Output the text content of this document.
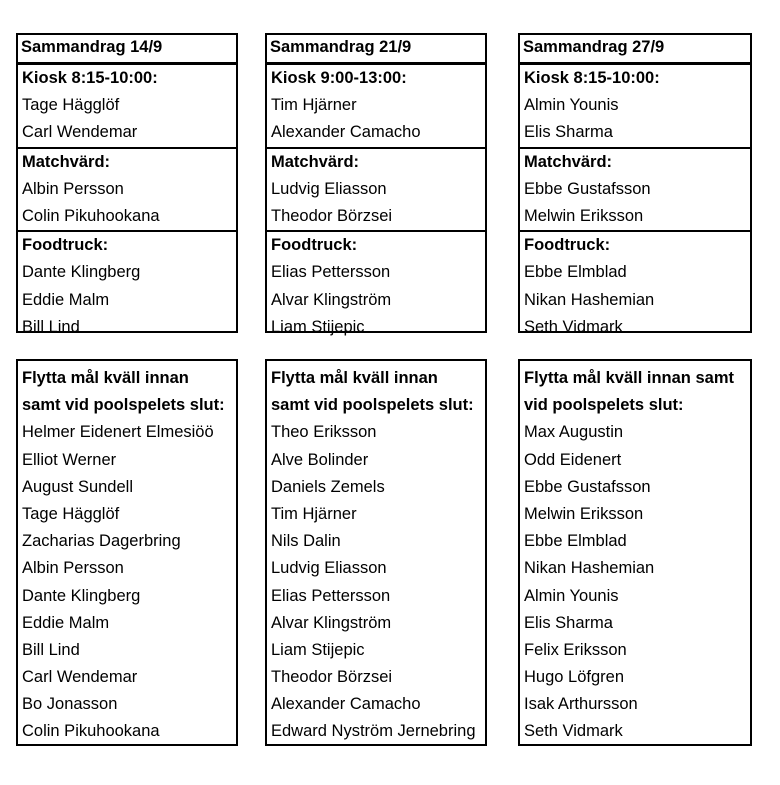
Sammandrag 14/9
Kiosk 8:15-10:00:
Tage Hägglöf
Carl Wendemar
Matchvärd:
Albin Persson
Colin Pikuhookana
Foodtruck:
Dante Klingberg
Eddie Malm
Bill Lind
Sammandrag 21/9
Kiosk 9:00-13:00:
Tim Hjärner
Alexander Camacho
Matchvärd:
Ludvig Eliasson
Theodor Börzsei
Foodtruck:
Elias Pettersson
Alvar Klingström
Liam Stijepic
Sammandrag 27/9
Kiosk 8:15-10:00:
Almin Younis
Elis Sharma
Matchvärd:
Ebbe Gustafsson
Melwin Eriksson
Foodtruck:
Ebbe Elmblad
Nikan Hashemian
Seth Vidmark
Flytta mål kväll innan
samt vid poolspelets slut:
Helmer Eidenert Elmesiöö
Elliot Werner
August Sundell
Tage Hägglöf
Zacharias Dagerbring
Albin Persson
Dante Klingberg
Eddie Malm
Bill Lind
Carl Wendemar
Bo Jonasson
Colin Pikuhookana
Flytta mål kväll innan
samt vid poolspelets slut:
Theo Eriksson
Alve Bolinder
Daniels Zemels
Tim Hjärner
Nils Dalin
Ludvig Eliasson
Elias Pettersson
Alvar Klingström
Liam Stijepic
Theodor Börzsei
Alexander Camacho
Edward Nyström Jernebring
Flytta mål kväll innan samt
vid poolspelets slut:
Max Augustin
Odd Eidenert
Ebbe Gustafsson
Melwin Eriksson
Ebbe Elmblad
Nikan Hashemian
Almin Younis
Elis Sharma
Felix Eriksson
Hugo Löfgren
Isak Arthursson
Seth Vidmark
